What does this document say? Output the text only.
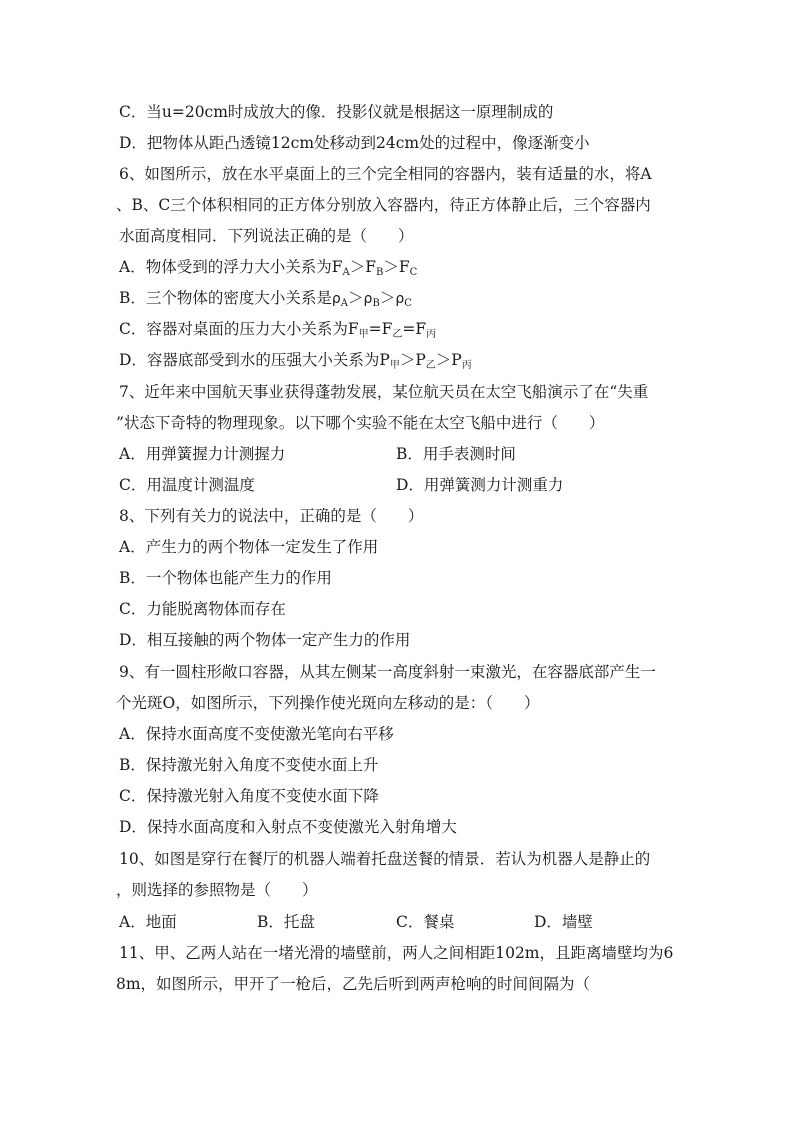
C．当u=20cm时成放大的像．投影仪就是根据这一原理制成的
D．把物体从距凸透镜12cm处移动到24cm处的过程中，像逐渐变小
6、如图所示，放在水平桌面上的三个完全相同的容器内，装有适量的水，将A
、B、C三个体积相同的正方体分别放入容器内，待正方体静止后，三个容器内
水面高度相同．下列说法正确的是（　　）
A．物体受到的浮力大小关系为$F_A>F_B>F_C$
B．三个物体的密度大小关系是$\rho_A>\rho_B>\rho_C$
C．容器对桌面的压力大小关系为$F_甲=F_乙=F_丙$
D．容器底部受到水的压强大小关系为$P_甲>P_乙>P_丙$
7、近年来中国航天事业获得蓬勃发展，某位航天员在太空飞船演示了在“失重
”状态下奇特的物理现象。以下哪个实验不能在太空飞船中进行（　　）
A．用弹簧握力计测握力	B．用手表测时间
C．用温度计测温度	D．用弹簧测力计测重力
8、下列有关力的说法中，正确的是（　　）
A．产生力的两个物体一定发生了作用
B．一个物体也能产生力的作用
C．力能脱离物体而存在
D．相互接触的两个物体一定产生力的作用
9、有一圆柱形敞口容器，从其左侧某一高度斜射一束激光，在容器底部产生一
个光斑O，如图所示，下列操作使光斑向左移动的是：（　　）
A．保持水面高度不变使激光笔向右平移
B．保持激光射入角度不变使水面上升
C．保持激光射入角度不变使水面下降
D．保持水面高度和入射点不变使激光入射角增大
10、如图是穿行在餐厅的机器人端着托盘送餐的情景．若认为机器人是静止的
，则选择的参照物是（　　）
A．地面	B．托盘	C．餐桌	D．墙壁
11、甲、乙两人站在一堵光滑的墙壁前，两人之间相距102m，且距离墙壁均为6
8m，如图所示，甲开了一枪后，乙先后听到两声枪响的时间间隔为（
